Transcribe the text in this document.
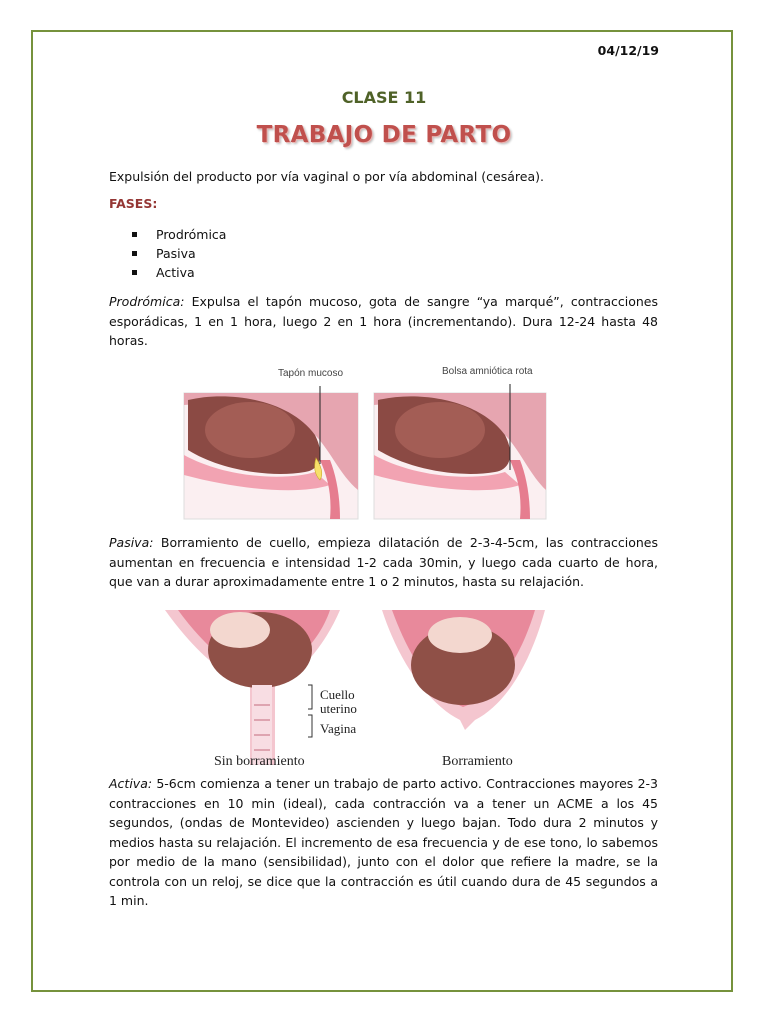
04/12/19
CLASE 11
TRABAJO DE PARTO
Expulsión del producto por vía vaginal o por vía abdominal (cesárea).
FASES:
Prodrómica
Pasiva
Activa
Prodrómica: Expulsa el tapón mucoso, gota de sangre “ya marqué”, contracciones esporádicas, 1 en 1 hora, luego 2 en 1 hora (incrementando). Dura 12-24 hasta 48 horas.
Tapón mucoso	Bolsa amniótica rota
Pasiva: Borramiento de cuello, empieza dilatación de 2-3-4-5cm, las contracciones aumentan en frecuencia e intensidad 1-2 cada 30min, y luego cada cuarto de hora, que van a durar aproximadamente entre 1 o 2 minutos, hasta su relajación.
Cuello
uterino
Vagina
Sin borramiento	Borramiento
Activa: 5-6cm comienza a tener un trabajo de parto activo. Contracciones mayores 2-3 contracciones en 10 min (ideal), cada contracción va a tener un ACME a los 45 segundos, (ondas de Montevideo) ascienden y luego bajan. Todo dura 2 minutos y medios hasta su relajación. El incremento de esa frecuencia y de ese tono, lo sabemos por medio de la mano (sensibilidad), junto con el dolor que refiere la madre, se la controla con un reloj, se dice que la contracción es útil cuando dura de 45 segundos a 1 min.
